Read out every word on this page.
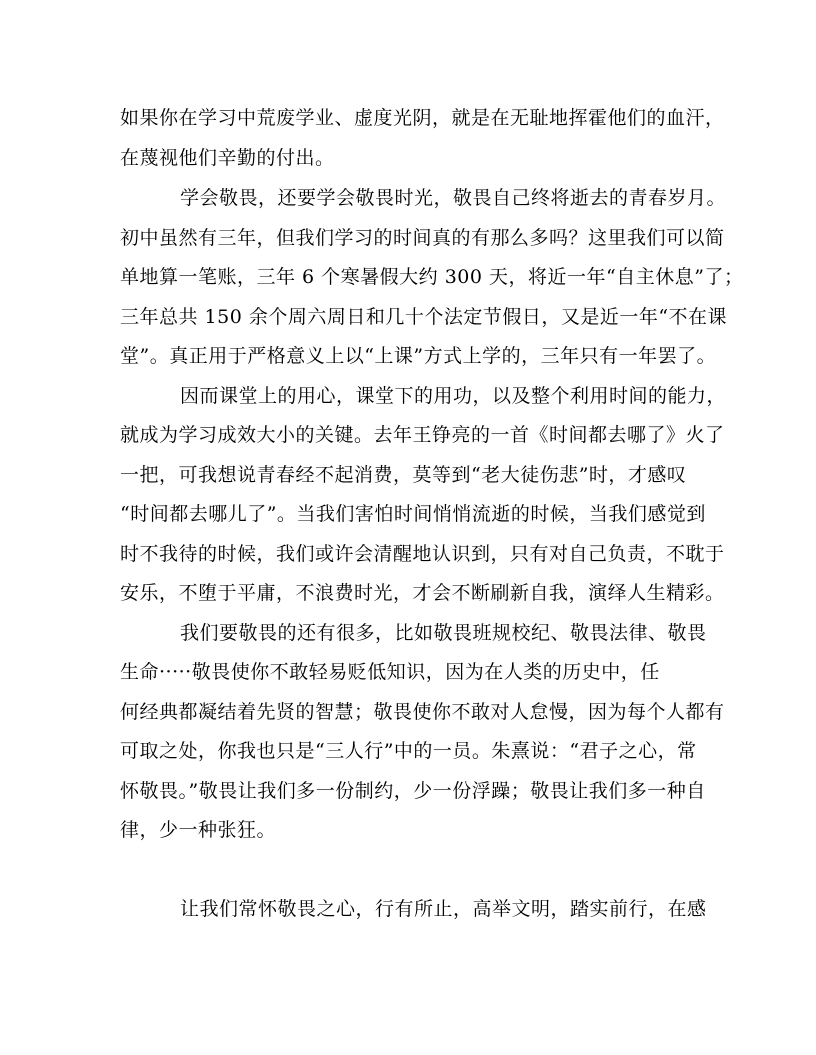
如果你在学习中荒废学业、虚度光阴，就是在无耻地挥霍他们的血汗，
在蔑视他们辛勤的付出。
学会敬畏，还要学会敬畏时光，敬畏自己终将逝去的青春岁月。
初中虽然有三年，但我们学习的时间真的有那么多吗？这里我们可以简
单地算一笔账，三年 6 个寒暑假大约 300 天，将近一年“自主休息”了；
三年总共 150 余个周六周日和几十个法定节假日，又是近一年“不在课
堂”。真正用于严格意义上以“上课”方式上学的，三年只有一年罢了。
因而课堂上的用心，课堂下的用功，以及整个利用时间的能力，
就成为学习成效大小的关键。去年王铮亮的一首《时间都去哪了》火了
一把，可我想说青春经不起消费，莫等到“老大徒伤悲”时，才感叹
“时间都去哪儿了”。当我们害怕时间悄悄流逝的时候，当我们感觉到
时不我待的时候，我们或许会清醒地认识到，只有对自己负责，不耽于
安乐，不堕于平庸，不浪费时光，才会不断刷新自我，演绎人生精彩。
我们要敬畏的还有很多，比如敬畏班规校纪、敬畏法律、敬畏
生命·····敬畏使你不敢轻易贬低知识，因为在人类的历史中，任
何经典都凝结着先贤的智慧；敬畏使你不敢对人怠慢，因为每个人都有
可取之处，你我也只是“三人行”中的一员。朱熹说：“君子之心，常
怀敬畏。”敬畏让我们多一份制约，少一份浮躁；敬畏让我们多一种自
律，少一种张狂。
让我们常怀敬畏之心，行有所止，高举文明，踏实前行，在感
